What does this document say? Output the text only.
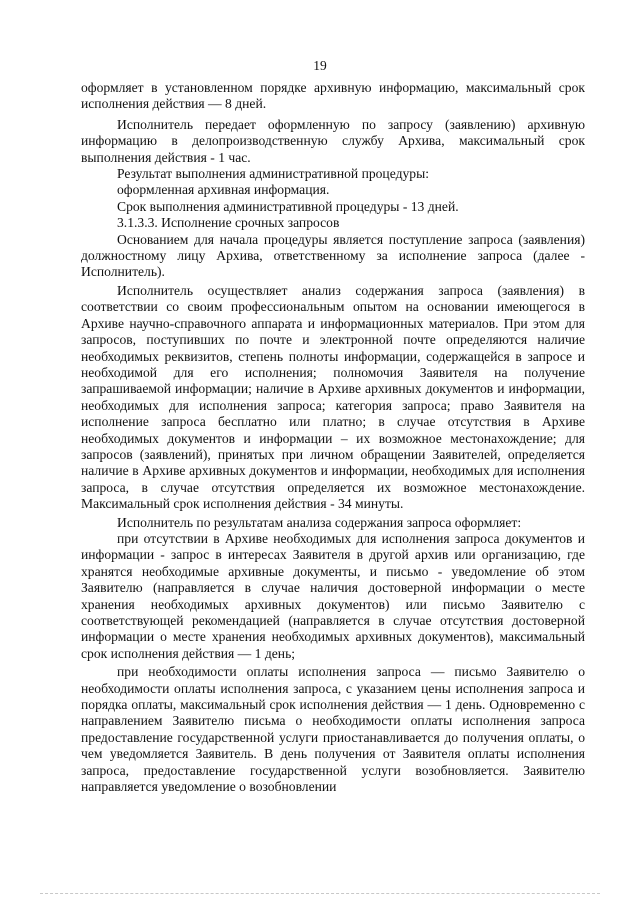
19

оформляет в установленном порядке архивную информацию, максимальный срок исполнения действия — 8 дней.

Исполнитель передает оформленную по запросу (заявлению) архивную информацию в делопроизводственную службу Архива, максимальный срок выполнения действия - 1 час.

Результат выполнения административной процедуры:

оформленная архивная информация.

Срок выполнения административной процедуры - 13 дней.

3.1.3.3. Исполнение срочных запросов

Основанием для начала процедуры является поступление запроса (заявления) должностному лицу Архива, ответственному за исполнение запроса (далее - Исполнитель).

Исполнитель осуществляет анализ содержания запроса (заявления) в соответствии со своим профессиональным опытом на основании имеющегося в Архиве научно-справочного аппарата и информационных материалов. При этом для запросов, поступивших по почте и электронной почте определяются наличие необходимых реквизитов, степень полноты информации, содержащейся в запросе и необходимой для его исполнения; полномочия Заявителя на получение запрашиваемой информации; наличие в Архиве архивных документов и информации, необходимых для исполнения запроса; категория запроса; право Заявителя на исполнение запроса бесплатно или платно; в случае отсутствия в Архиве необходимых документов и информации – их возможное местонахождение; для запросов (заявлений), принятых при личном обращении Заявителей, определяется наличие в Архиве архивных документов и информации, необходимых для исполнения запроса, в случае отсутствия определяется их возможное местонахождение. Максимальный срок исполнения действия - 34 минуты.

Исполнитель по результатам анализа содержания запроса оформляет:

при отсутствии в Архиве необходимых для исполнения запроса документов и информации - запрос в интересах Заявителя в другой архив или организацию, где хранятся необходимые архивные документы, и письмо - уведомление об этом Заявителю (направляется в случае наличия достоверной информации о месте хранения необходимых архивных документов) или письмо Заявителю с соответствующей рекомендацией (направляется в случае отсутствия достоверной информации о месте хранения необходимых архивных документов), максимальный срок исполнения действия — 1 день;

при необходимости оплаты исполнения запроса — письмо Заявителю о необходимости оплаты исполнения запроса, с указанием цены исполнения запроса и порядка оплаты, максимальный срок исполнения действия — 1 день. Одновременно с направлением Заявителю письма о необходимости оплаты исполнения запроса предоставление государственной услуги приостанавливается до получения оплаты, о чем уведомляется Заявитель. В день получения от Заявителя оплаты исполнения запроса, предоставление государственной услуги возобновляется. Заявителю направляется уведомление о возобновлении
